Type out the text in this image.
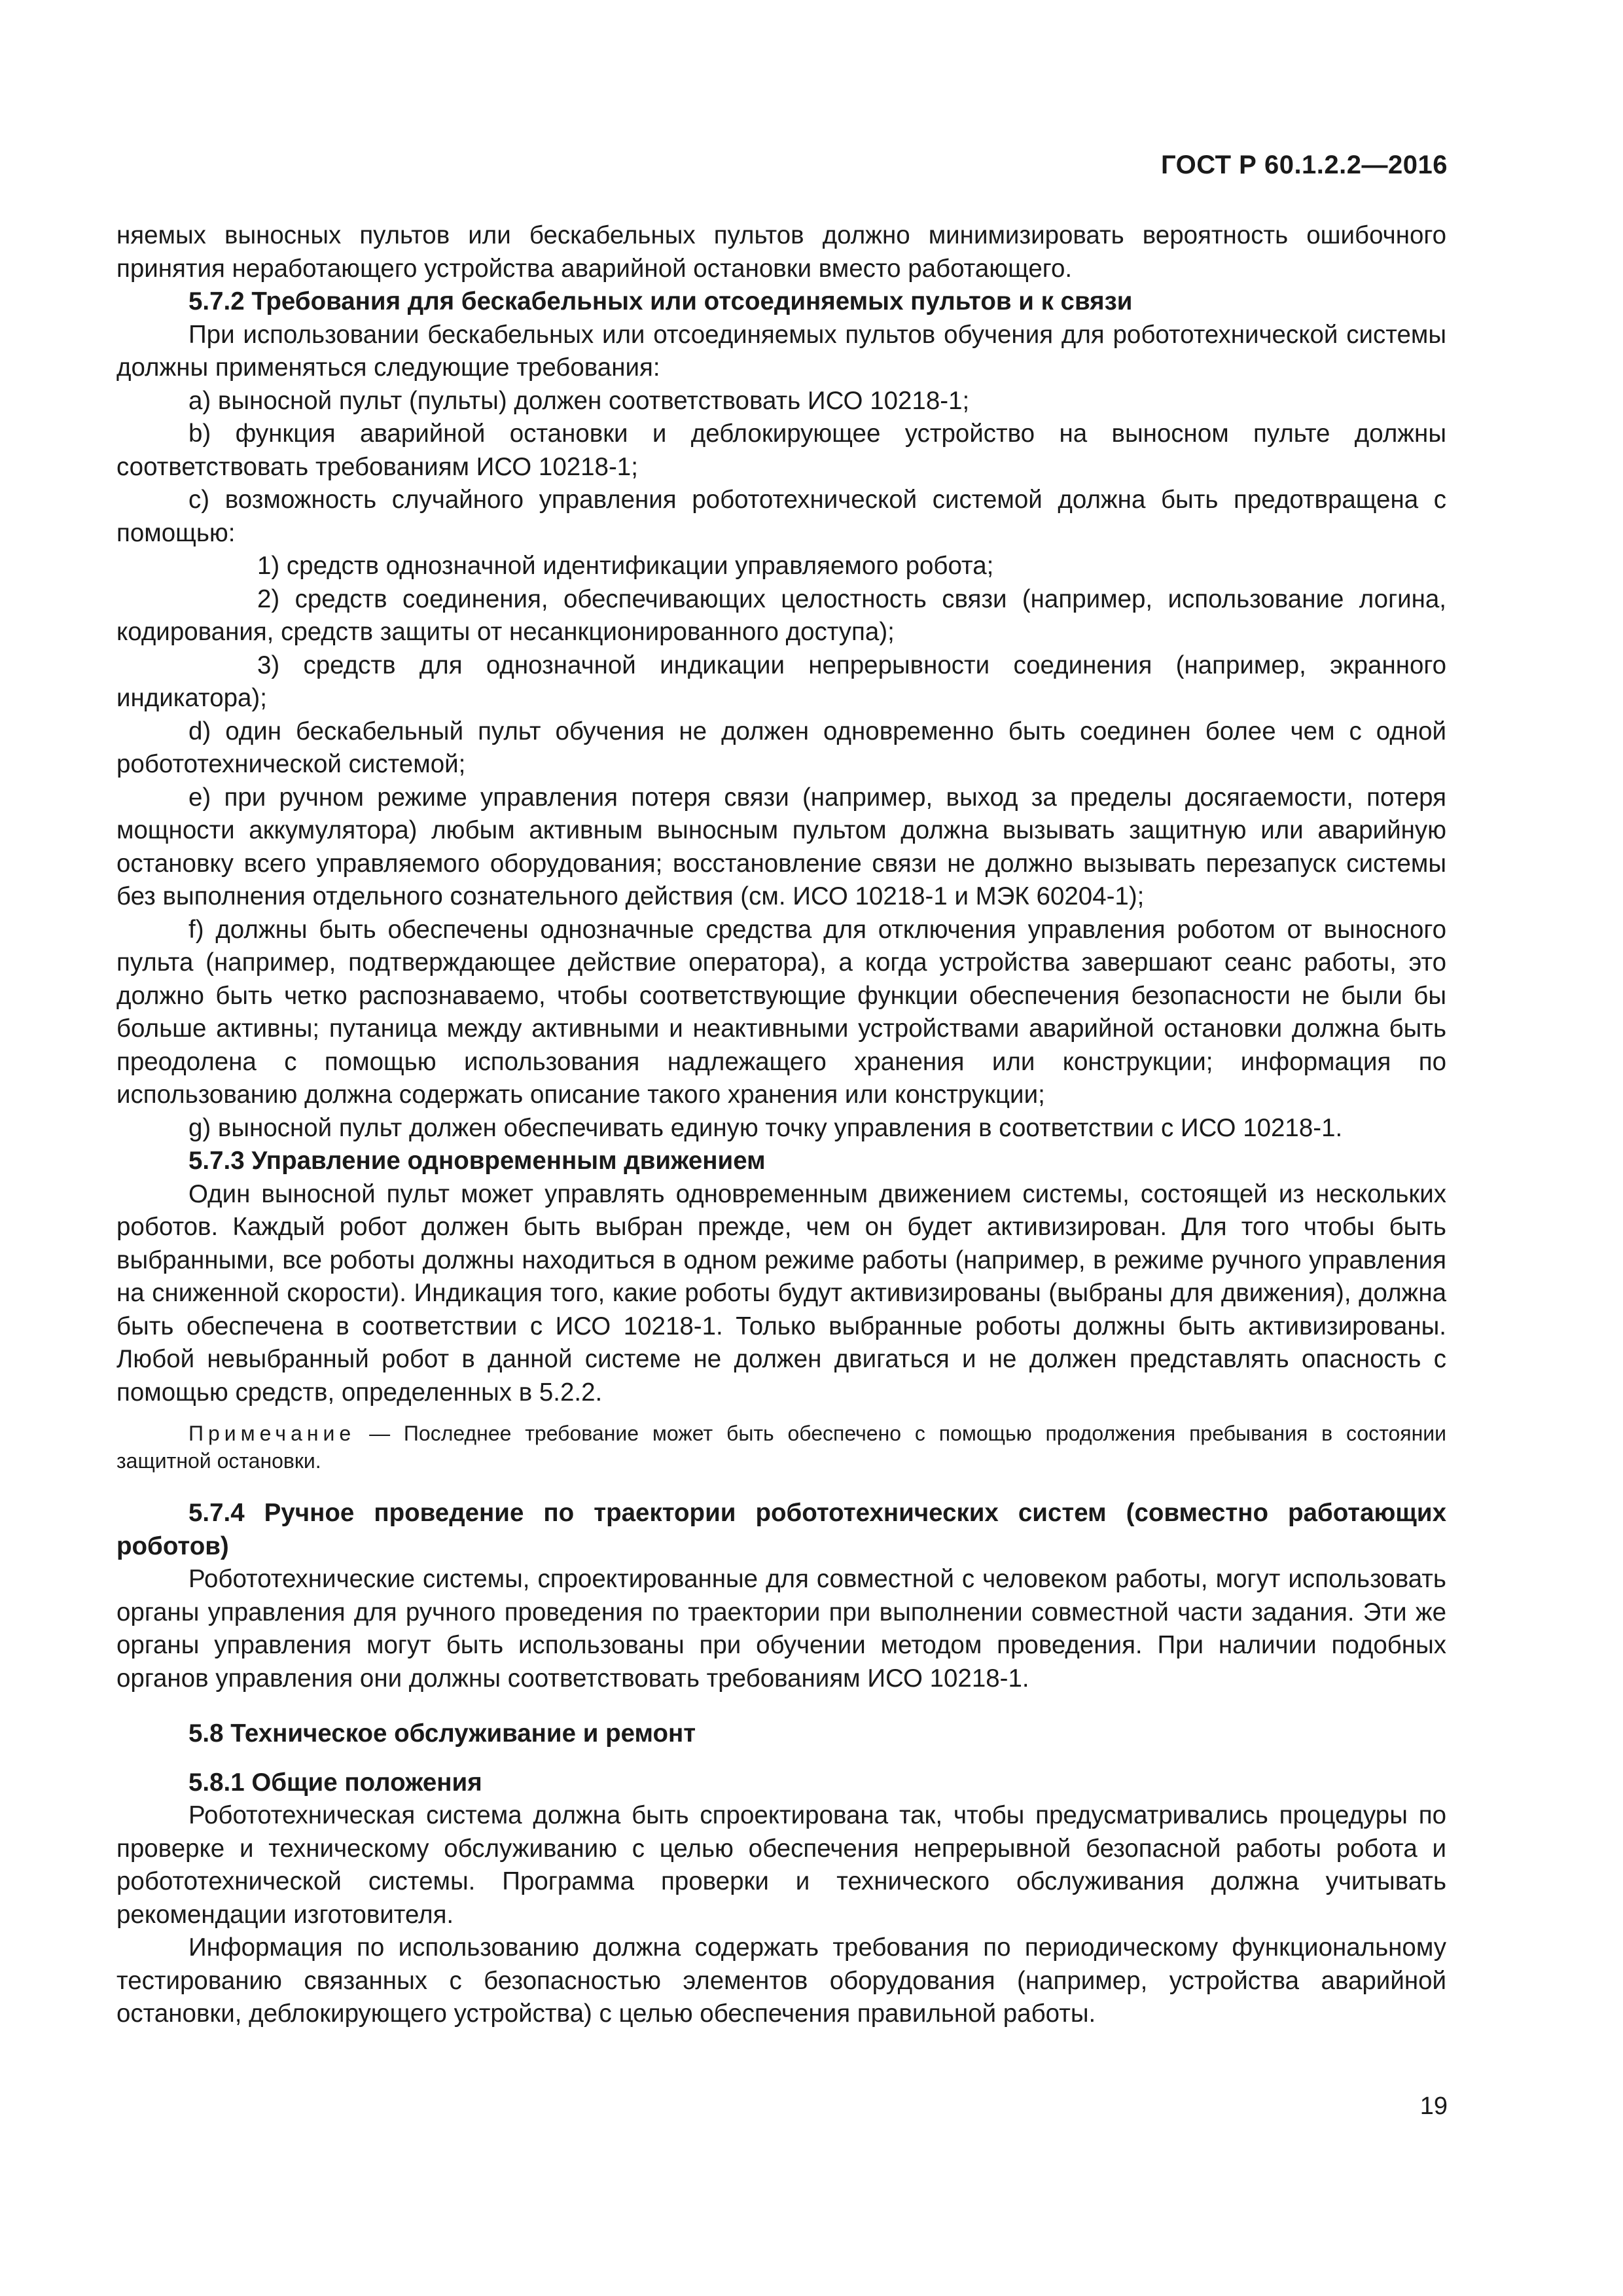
ГОСТ Р 60.1.2.2—2016

няемых выносных пультов или бескабельных пультов должно минимизировать вероятность ошибочного принятия неработающего устройства аварийной остановки вместо работающего.

5.7.2 Требования для бескабельных или отсоединяемых пультов и к связи

При использовании бескабельных или отсоединяемых пультов обучения для робототехнической системы должны применяться следующие требования:

а) выносной пульт (пульты) должен соответствовать ИСО 10218-1;

b) функция аварийной остановки и деблокирующее устройство на выносном пульте должны соответствовать требованиям ИСО 10218-1;

c) возможность случайного управления робототехнической системой должна быть предотвращена с помощью:

1) средств однозначной идентификации управляемого робота;

2) средств соединения, обеспечивающих целостность связи (например, использование логина, кодирования, средств защиты от несанкционированного доступа);

3) средств для однозначной индикации непрерывности соединения (например, экранного индикатора);

d) один бескабельный пульт обучения не должен одновременно быть соединен более чем с одной робототехнической системой;

e) при ручном режиме управления потеря связи (например, выход за пределы досягаемости, потеря мощности аккумулятора) любым активным выносным пультом должна вызывать защитную или аварийную остановку всего управляемого оборудования; восстановление связи не должно вызывать перезапуск системы без выполнения отдельного сознательного действия (см. ИСО 10218-1 и МЭК 60204-1);

f) должны быть обеспечены однозначные средства для отключения управления роботом от выносного пульта (например, подтверждающее действие оператора), а когда устройства завершают сеанс работы, это должно быть четко распознаваемо, чтобы соответствующие функции обеспечения безопасности не были бы больше активны; путаница между активными и неактивными устройствами аварийной остановки должна быть преодолена с помощью использования надлежащего хранения или конструкции; информация по использованию должна содержать описание такого хранения или конструкции;

g) выносной пульт должен обеспечивать единую точку управления в соответствии с ИСО 10218-1.

5.7.3 Управление одновременным движением

Один выносной пульт может управлять одновременным движением системы, состоящей из нескольких роботов. Каждый робот должен быть выбран прежде, чем он будет активизирован. Для того чтобы быть выбранными, все роботы должны находиться в одном режиме работы (например, в режиме ручного управления на сниженной скорости). Индикация того, какие роботы будут активизированы (выбраны для движения), должна быть обеспечена в соответствии с ИСО 10218-1. Только выбранные роботы должны быть активизированы. Любой невыбранный робот в данной системе не должен двигаться и не должен представлять опасность с помощью средств, определенных в 5.2.2.

Примечание — Последнее требование может быть обеспечено с помощью продолжения пребывания в состоянии защитной остановки.

5.7.4 Ручное проведение по траектории робототехнических систем (совместно работающих роботов)

Робототехнические системы, спроектированные для совместной с человеком работы, могут использовать органы управления для ручного проведения по траектории при выполнении совместной части задания. Эти же органы управления могут быть использованы при обучении методом проведения. При наличии подобных органов управления они должны соответствовать требованиям ИСО 10218-1.

5.8 Техническое обслуживание и ремонт
5.8.1 Общие положения

Робототехническая система должна быть спроектирована так, чтобы предусматривались процедуры по проверке и техническому обслуживанию с целью обеспечения непрерывной безопасной работы робота и робототехнической системы. Программа проверки и технического обслуживания должна учитывать рекомендации изготовителя.

Информация по использованию должна содержать требования по периодическому функциональному тестированию связанных с безопасностью элементов оборудования (например, устройства аварийной остановки, деблокирующего устройства) с целью обеспечения правильной работы.

19
